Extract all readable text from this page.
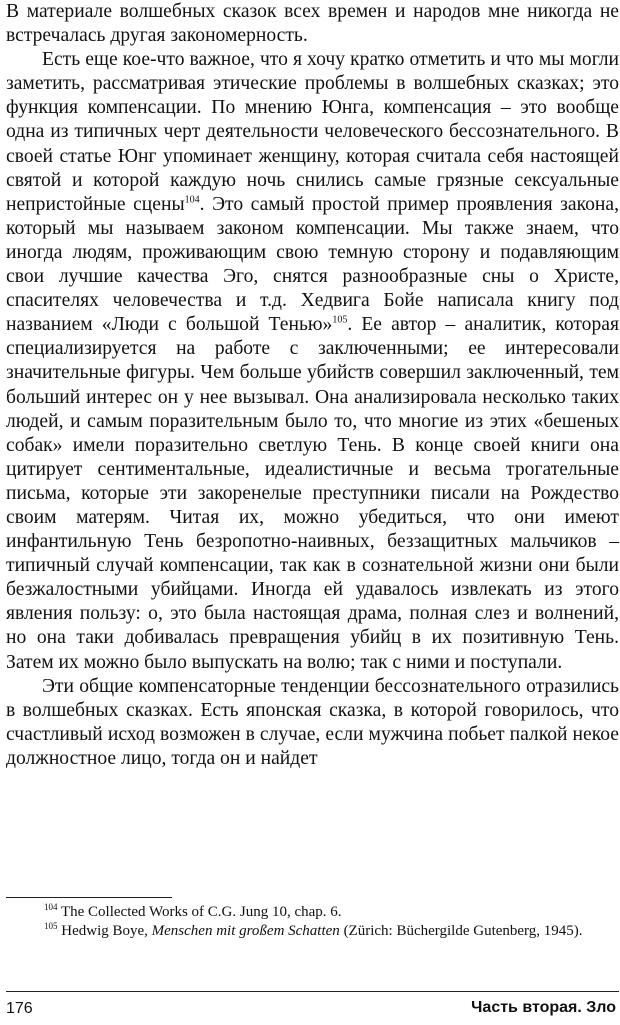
В материале волшебных сказок всех времен и народов мне никогда не встречалась другая закономерность.

Есть еще кое-что важное, что я хочу кратко отметить и что мы могли заметить, рассматривая этические проблемы в волшебных сказках; это функция компенсации. По мнению Юнга, компенсация – это вообще одна из типичных черт деятельности человеческого бессознательного. В своей статье Юнг упоминает женщину, которая считала себя настоящей святой и которой каждую ночь снились самые грязные сексуальные непристойные сцены$^{104}$. Это самый простой пример проявления закона, который мы называем законом компенсации. Мы также знаем, что иногда людям, проживающим свою темную сторону и подавляющим свои лучшие качества Эго, снятся разнообразные сны о Христе, спасителях человечества и т.д. Хедвига Бойе написала книгу под названием «Люди с большой Тенью»$^{105}$. Ее автор – аналитик, которая специализируется на работе с заключенными; ее интересовали значительные фигуры. Чем больше убийств совершил заключенный, тем больший интерес он у нее вызывал. Она анализировала несколько таких людей, и самым поразительным было то, что многие из этих «бешеных собак» имели поразительно светлую Тень. В конце своей книги она цитирует сентиментальные, идеалистичные и весьма трогательные письма, которые эти закоренелые преступники писали на Рождество своим матерям. Читая их, можно убедиться, что они имеют инфантильную Тень безропотно-наивных, беззащитных мальчиков – типичный случай компенсации, так как в сознательной жизни они были безжалостными убийцами. Иногда ей удавалось извлекать из этого явления пользу: о, это была настоящая драма, полная слез и волнений, но она таки добивалась превращения убийц в их позитивную Тень. Затем их можно было выпускать на волю; так с ними и поступали.

Эти общие компенсаторные тенденции бессознательного отразились в волшебных сказках. Есть японская сказка, в которой говорилось, что счастливый исход возможен в случае, если мужчина побьет палкой некое должностное лицо, тогда он и найдет

$^{104}$ The Collected Works of C.G. Jung 10, chap. 6.

$^{105}$ Hedwig Boye, Menschen mit großem Schatten (Zürich: Büchergilde Gutenberg, 1945).

176	Часть вторая. Зло
